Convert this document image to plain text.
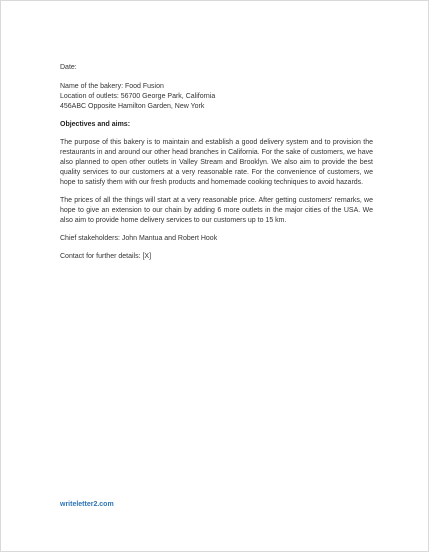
Date:

Name of the bakery: Food Fusion
Location of outlets: 56700 George Park, California
456ABC Opposite Hamilton Garden, New York

Objectives and aims:

The purpose of this bakery is to maintain and establish a good delivery system and to provision the restaurants in and around our other head branches in California. For the sake of customers, we have also planned to open other outlets in Valley Stream and Brooklyn. We also aim to provide the best quality services to our customers at a very reasonable rate. For the convenience of customers, we hope to satisfy them with our fresh products and homemade cooking techniques to avoid hazards.

The prices of all the things will start at a very reasonable price. After getting customers' remarks, we hope to give an extension to our chain by adding 6 more outlets in the major cities of the USA. We also aim to provide home delivery services to our customers up to 15 km.

Chief stakeholders: John Mantua and Robert Hook

Contact for further details: [X]

writeletter2.com
